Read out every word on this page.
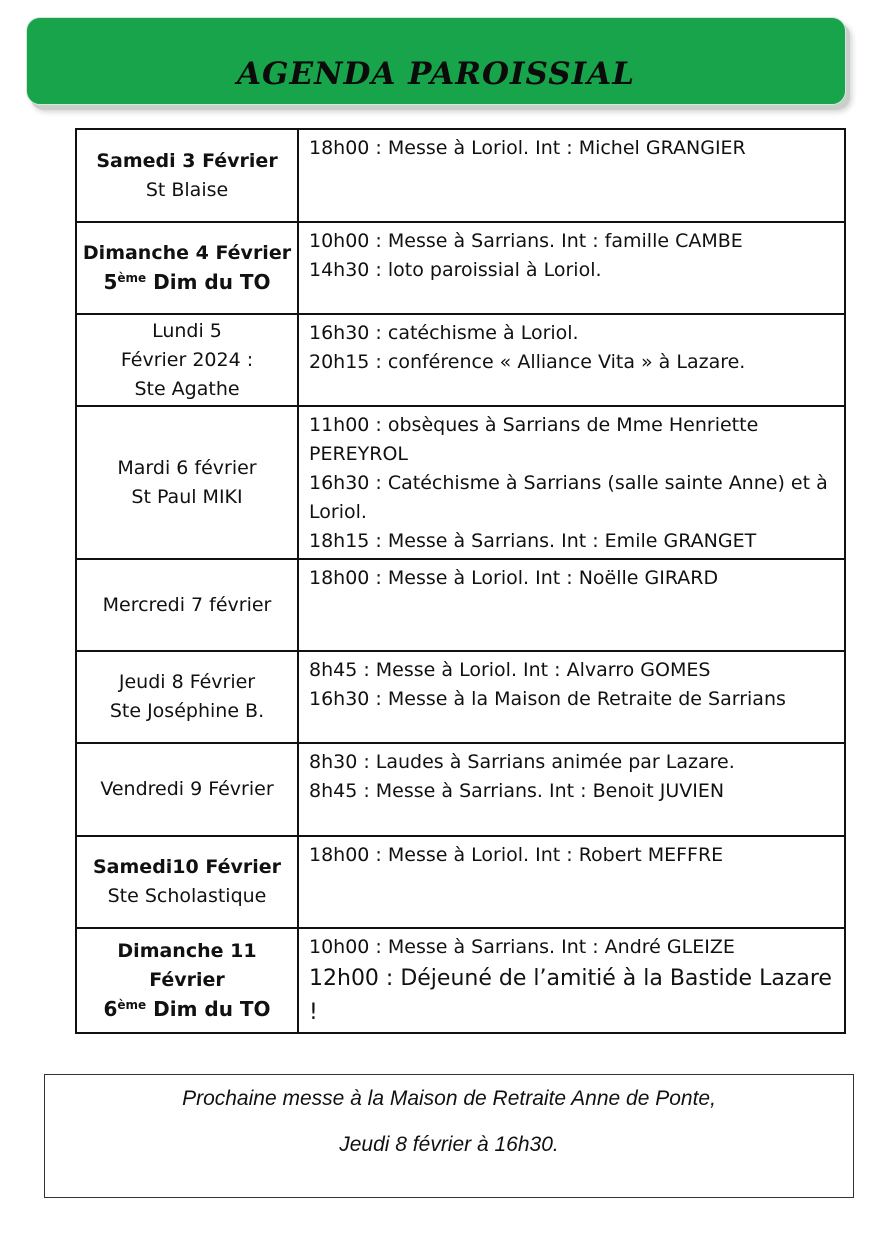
AGENDA PAROISSIAL
Samedi 3 Février
St Blaise	18h00 : Messe à Loriol. Int : Michel GRANGIER

Dimanche 4 Février
5ème Dim du TO	10h00 : Messe à Sarrians. Int : famille CAMBE
14h30 : loto paroissial à Loriol.

Lundi 5
Février 2024 :
Ste Agathe	16h30 : catéchisme à Loriol.
20h15 : conférence « Alliance Vita » à Lazare.

Mardi 6 février
St Paul MIKI	11h00 : obsèques à Sarrians de Mme Henriette PEREYROL
16h30 : Catéchisme à Sarrians (salle sainte Anne) et à Loriol.
18h15 : Messe à Sarrians. Int : Emile GRANGET

Mercredi 7 février	18h00 : Messe à Loriol. Int : Noëlle GIRARD

Jeudi 8 Février
Ste Joséphine B.	8h45 : Messe à Loriol. Int : Alvarro GOMES
16h30 : Messe à la Maison de Retraite de Sarrians

Vendredi 9 Février	8h30 : Laudes à Sarrians animée par Lazare.
8h45 : Messe à Sarrians. Int : Benoit JUVIEN

Samedi10 Février
Ste Scholastique	18h00 : Messe à Loriol. Int : Robert MEFFRE

Dimanche 11
Février
6ème Dim du TO	10h00 : Messe à Sarrians. Int : André GLEIZE
12h00 : Déjeuné de l’amitié à la Bastide Lazare !
Prochaine messe à la Maison de Retraite Anne de Ponte,
Jeudi 8 février à 16h30.
